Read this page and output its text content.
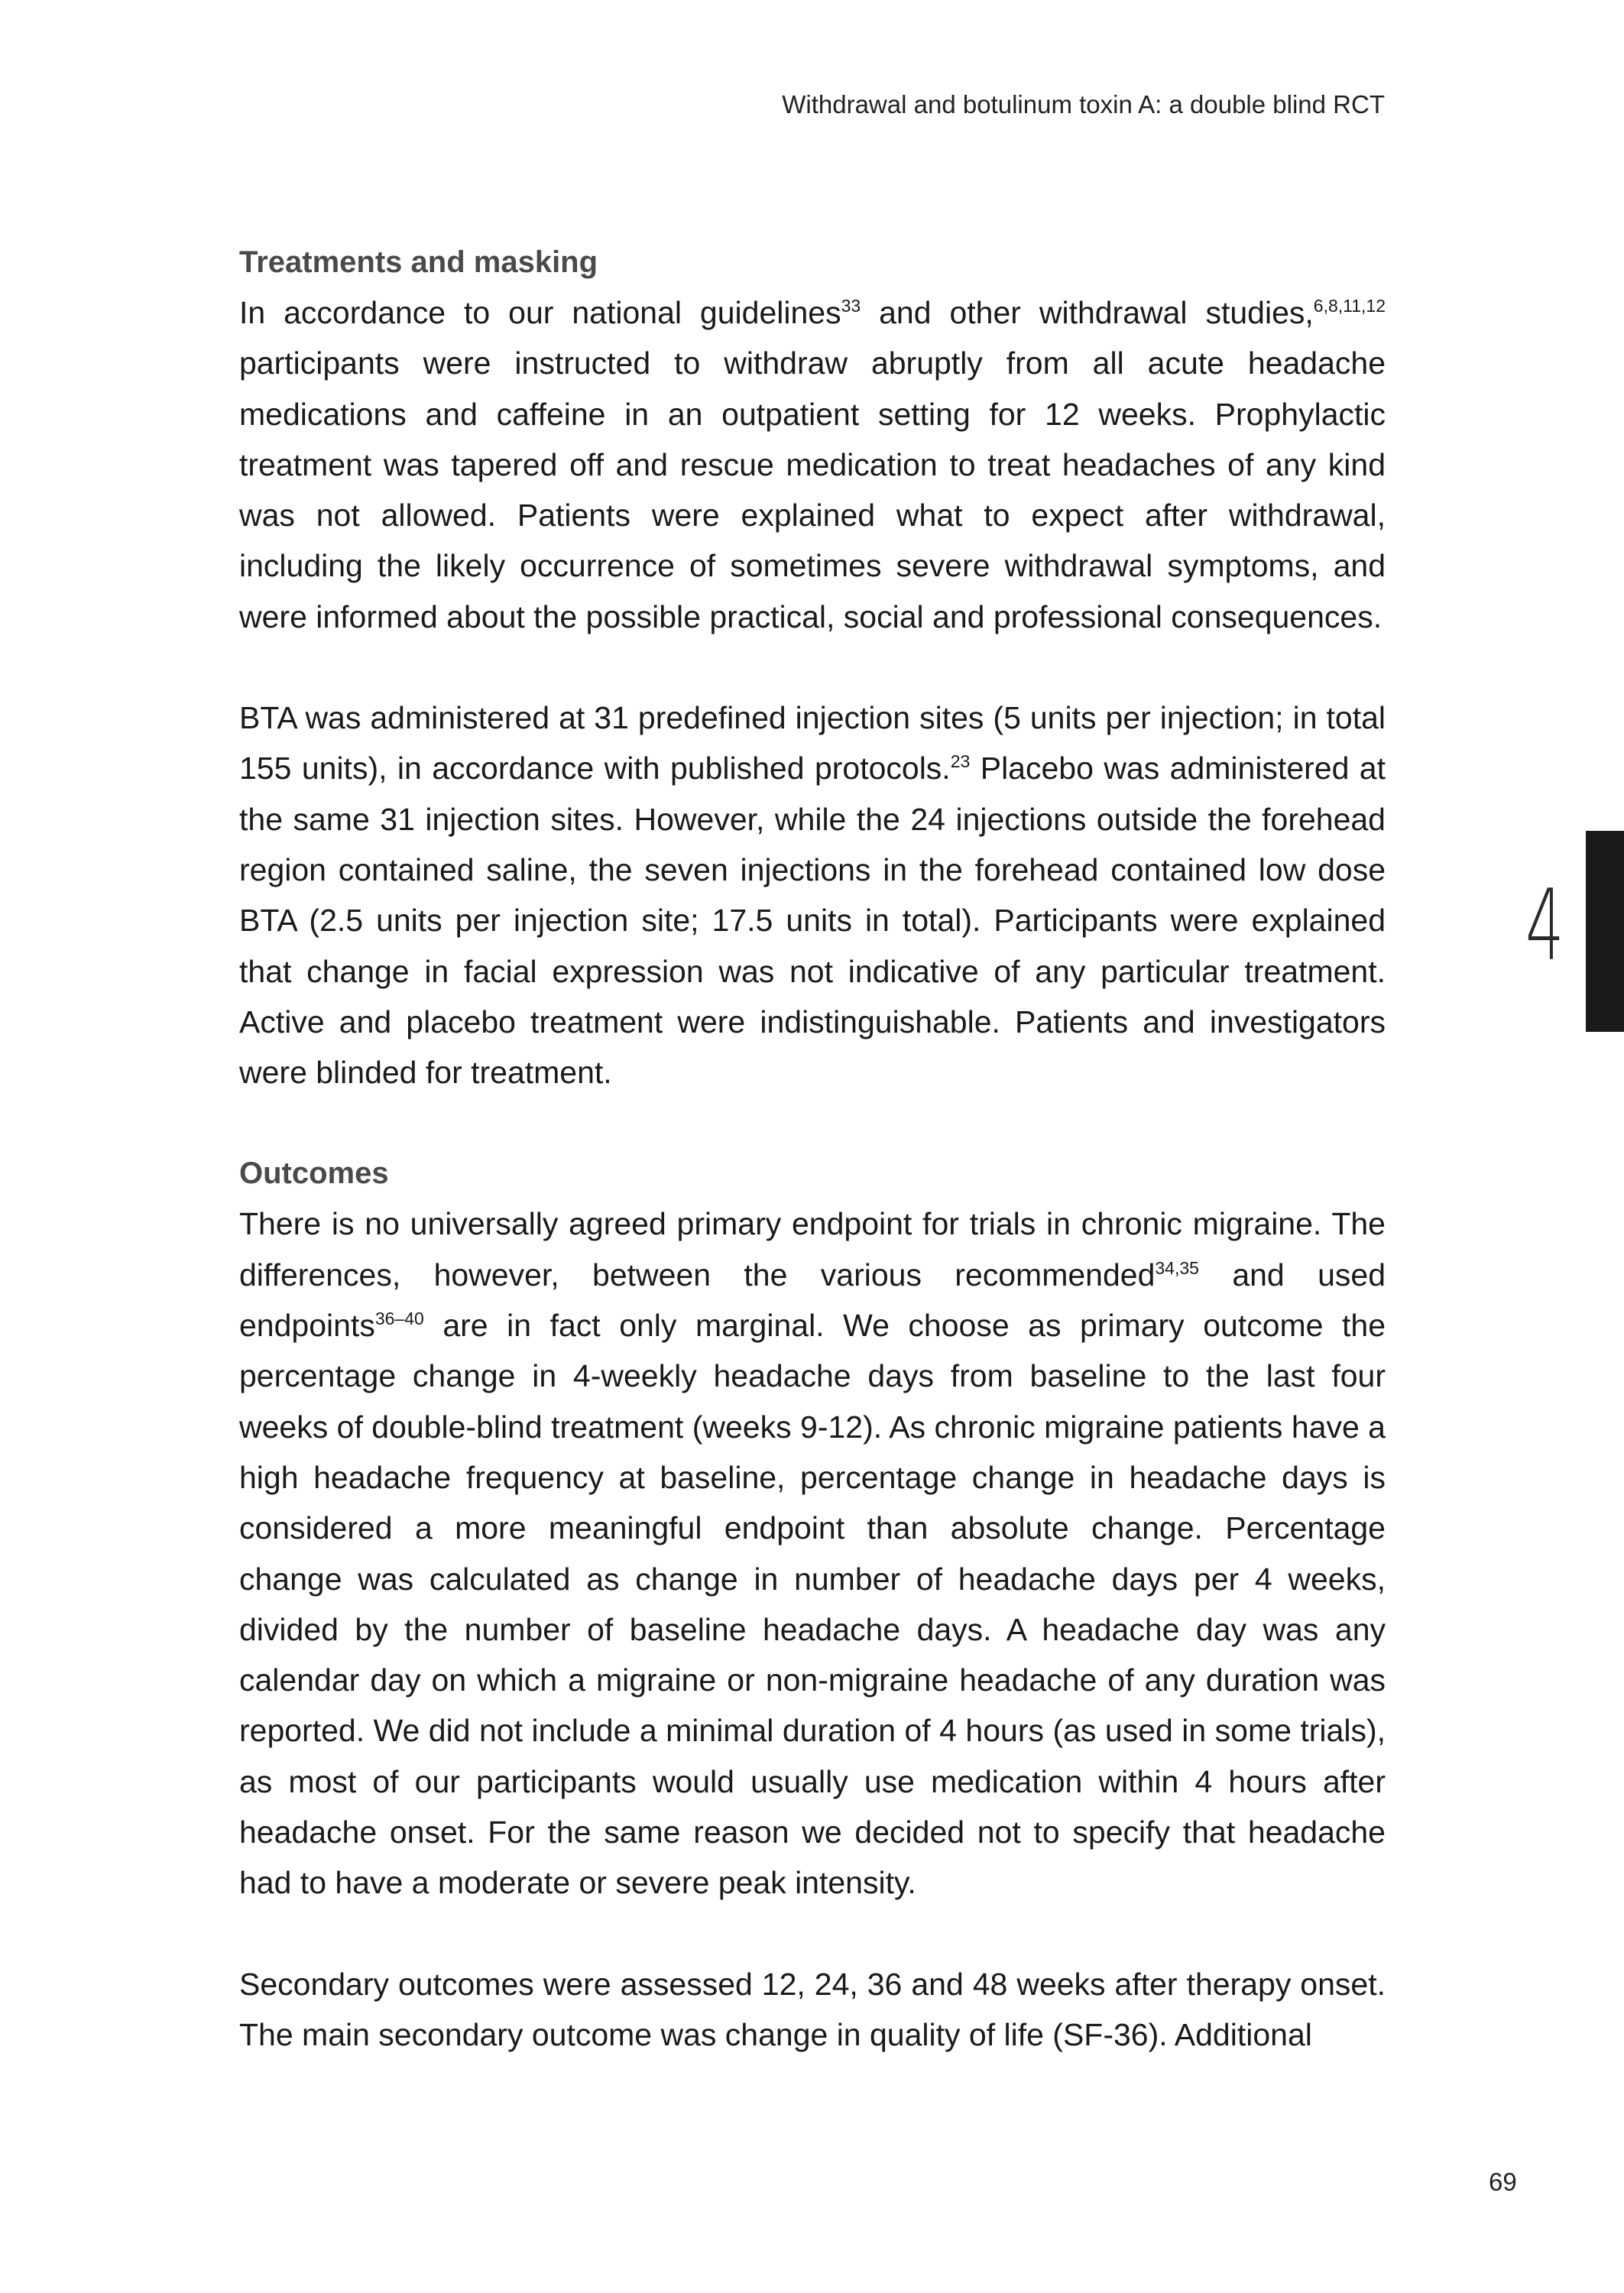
Withdrawal and botulinum toxin A: a double blind RCT
Treatments and masking

In accordance to our national guidelines$^{33}$ and other withdrawal studies,$^{6,8,11,12}$ participants were instructed to withdraw abruptly from all acute headache medications and caffeine in an outpatient setting for 12 weeks. Prophylactic treatment was tapered off and rescue medication to treat headaches of any kind was not allowed. Patients were explained what to expect after withdrawal, including the likely occurrence of sometimes severe withdrawal symptoms, and were informed about the possible practical, social and professional consequences.

BTA was administered at 31 predefined injection sites (5 units per injection; in total 155 units), in accordance with published protocols.$^{23}$ Placebo was administered at the same 31 injection sites. However, while the 24 injections outside the forehead region contained saline, the seven injections in the forehead contained low dose BTA (2.5 units per injection site; 17.5 units in total). Participants were explained that change in facial expression was not indicative of any particular treatment. Active and placebo treatment were indistinguishable. Patients and investigators were blinded for treatment.

Outcomes

There is no universally agreed primary endpoint for trials in chronic migraine. The differences, however, between the various recommended$^{34,35}$ and used endpoints$^{36-40}$ are in fact only marginal. We choose as primary outcome the percentage change in 4-weekly headache days from baseline to the last four weeks of double-blind treatment (weeks 9-12). As chronic migraine patients have a high headache frequency at baseline, percentage change in headache days is considered a more meaningful endpoint than absolute change. Percentage change was calculated as change in number of headache days per 4 weeks, divided by the number of baseline headache days. A headache day was any calendar day on which a migraine or non-migraine headache of any duration was reported. We did not include a minimal duration of 4 hours (as used in some trials), as most of our participants would usually use medication within 4 hours after headache onset. For the same reason we decided not to specify that headache had to have a moderate or severe peak intensity.

Secondary outcomes were assessed 12, 24, 36 and 48 weeks after therapy onset. The main secondary outcome was change in quality of life (SF-36). Additional

4
69
